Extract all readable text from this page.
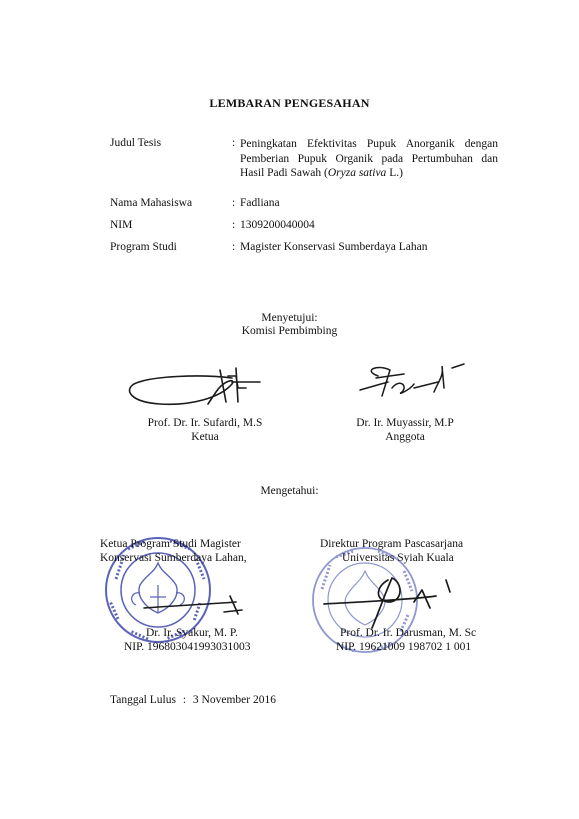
LEMBARAN PENGESAHAN
Judul Tesis	: Peningkatan Efektivitas Pupuk Anorganik dengan
Pemberian Pupuk Organik pada Pertumbuhan dan
Hasil Padi Sawah (Oryza sativa L.)
Nama Mahasiswa	: Fadliana
NIM	: 1309200040004
Program Studi	: Magister Konservasi Sumberdaya Lahan
Menyetujui:
Komisi Pembimbing
Prof. Dr. Ir. Sufardi, M.S
Ketua
Dr. Ir. Muyassir, M.P
Anggota
Mengetahui:
Ketua Program Studi Magister
Konservasi Sumberdaya Lahan,
Dr. Ir. Syakur, M. P.
NIP. 196803041993031003
Direktur Program Pascasarjana
Universitas Syiah Kuala
Prof. Dr. Ir. Darusman, M. Sc
NIP. 19621009 198702 1 001
Tanggal Lulus : 3 November 2016
